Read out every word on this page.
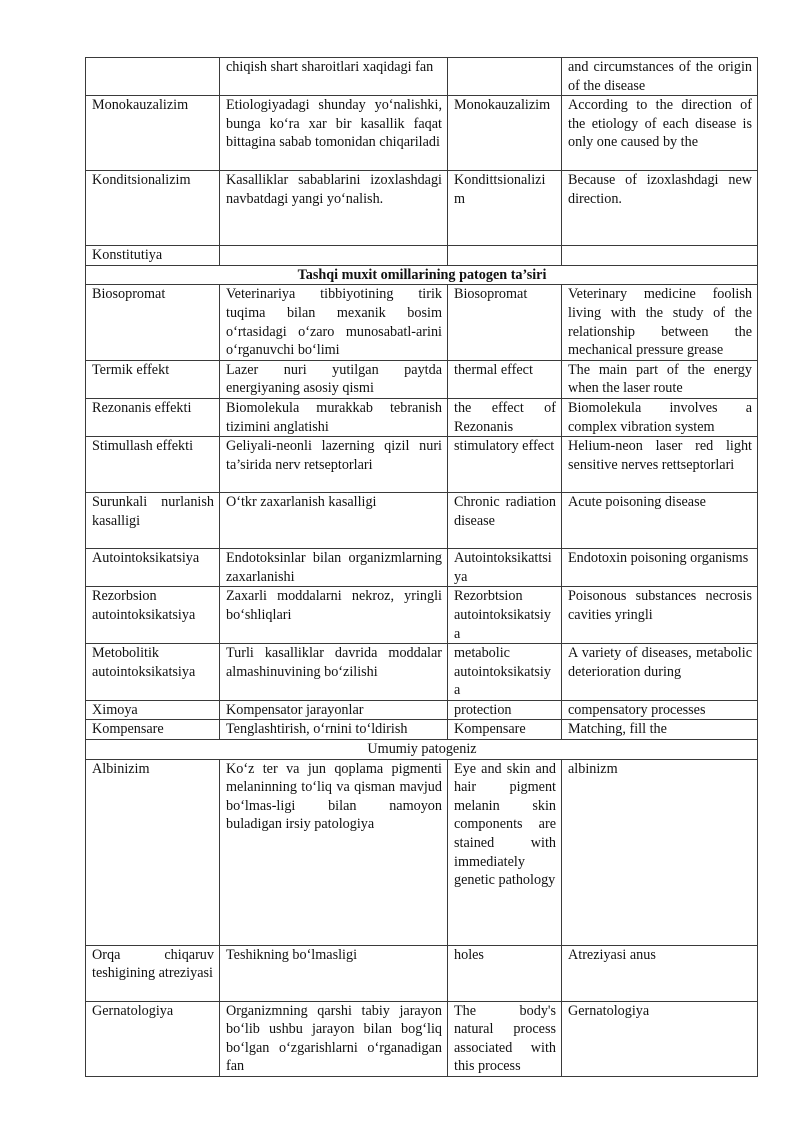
	chiqish shart sharoitlari xaqidagi fan		and circumstances of the origin of the disease
Monokauzalizim	Etiologiyadagi shunday yo‘nalishki, bunga ko‘ra xar bir kasallik faqat bittagina sabab tomonidan chiqariladi	Monokauzalizim	According to the direction of the etiology of each disease is only one caused by the
Konditsionalizim	Kasalliklar sabablarini izoxlashdagi navbatdagi yangi yo‘nalish.	Kondittsionalizim	Because of izoxlashdagi new direction.
Konstitutiya			
Tashqi muxit omillarining patogen ta’siri			
Biosopromat	Veterinariya tibbiyotining tirik tuqima bilan mexanik bosim o‘rtasidagi o‘zaro munosabatl-arini o‘rganuvchi bo‘limi	Biosopromat	Veterinary medicine foolish living with the study of the relationship between the mechanical pressure grease
Termik effekt	Lazer nuri yutilgan paytda energiyaning asosiy qismi	thermal effect	The main part of the energy when the laser route
Rezonanis effekti	Biomolekula murakkab tebranish tizimini anglatishi	the effect of Rezonanis	Biomolekula involves a complex vibration system
Stimullash effekti	Geliyali-neonli lazerning qizil nuri ta’sirida nerv retseptorlari	stimulatory effect	Helium-neon laser red light sensitive nerves rettseptorlari
Surunkali nurlanish kasalligi	O‘tkr zaxarlanish kasalligi	Chronic radiation disease	Acute poisoning disease
Autointoksikatsiya	Endotoksinlar bilan organizmlarning zaxarlanishi	Autointoksikattsiya	Endotoxin poisoning organisms
Rezorbsion autointoksikatsiya	Zaxarli moddalarni nekroz, yringli bo‘shliqlari	Rezorbtsion autointoksikatsiya	Poisonous substances necrosis cavities yringli
Metobolitik autointoksikatsiya	Turli kasalliklar davrida moddalar almashinuvining bo‘zilishi	metabolic autointoksikatsiya	A variety of diseases, metabolic deterioration during
Ximoya	Kompensator jarayonlar	protection	compensatory processes
Kompensare	Tenglashtirish, o‘rnini to‘ldirish	Kompensare	Matching, fill the
Umumiy patogeniz			
Albinizim	Ko‘z ter va jun qoplama pigmenti melaninning to‘liq va qisman mavjud bo‘lmas-ligi bilan namoyon buladigan irsiy patologiya	Eye and skin and hair pigment melanin skin components are stained with immediately genetic pathology	albinizm
Orqa chiqaruv teshigining atreziyasi	Teshikning bo‘lmasligi	holes	Atreziyasi anus
Gernatologiya	Organizmning qarshi tabiy jarayon bo‘lib ushbu jarayon bilan bog‘liq bo‘lgan o‘zgarishlarni o‘rganadigan fan	The body's natural process associated with this process	Gernatologiya
